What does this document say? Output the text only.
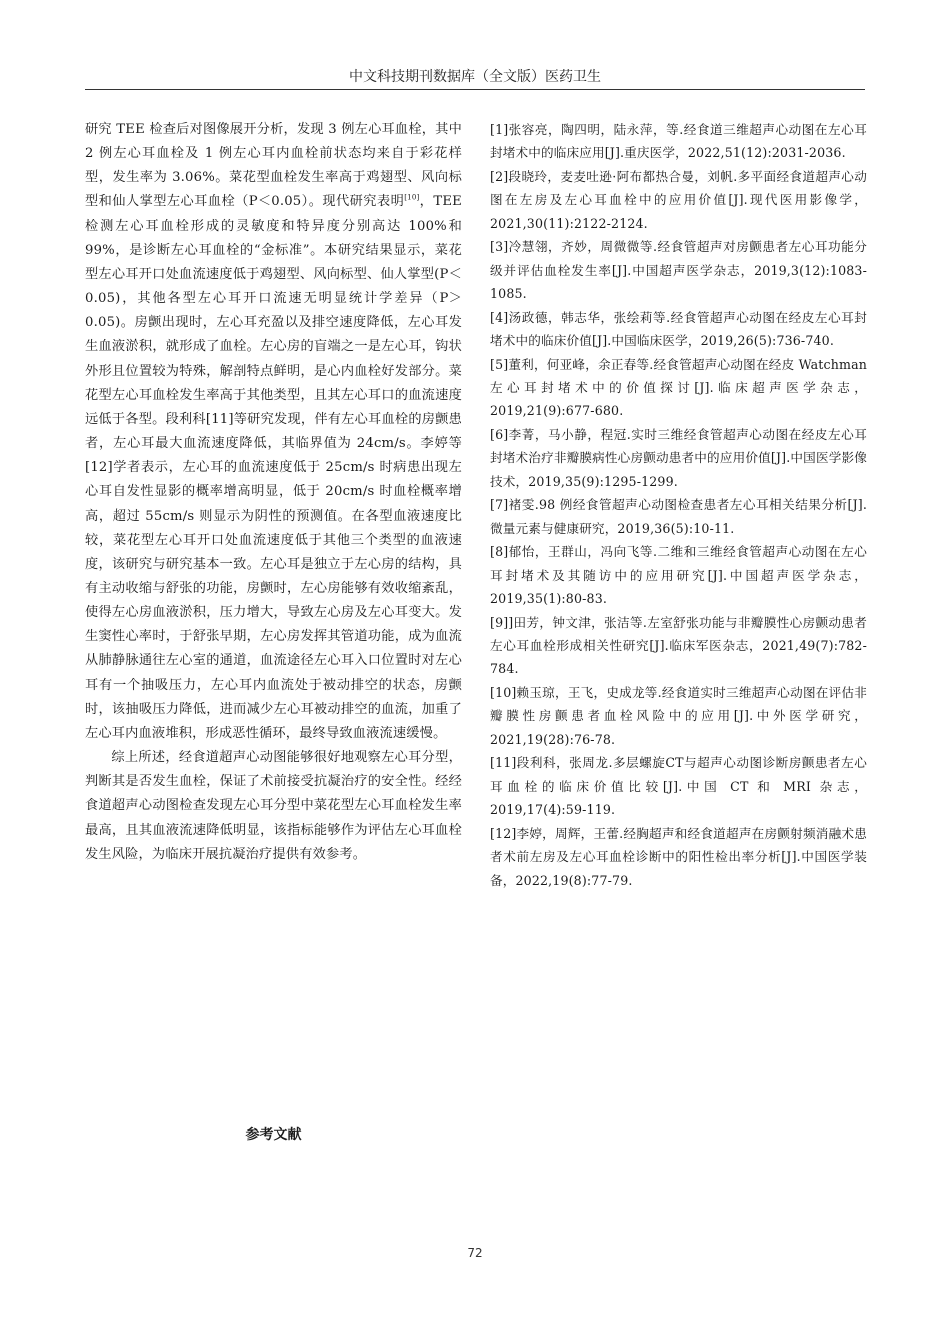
中文科技期刊数据库（全文版）医药卫生

研究 TEE 检查后对图像展开分析，发现 3 例左心耳血栓，其中 2 例左心耳血栓及 1 例左心耳内血栓前状态均来自于彩花样型，发生率为 3.06%。菜花型血栓发生率高于鸡翅型、风向标型和仙人掌型左心耳血栓（P＜0.05）。现代研究表明[10]，TEE 检测左心耳血栓形成的灵敏度和特异度分别高达 100%和 99%，是诊断左心耳血栓的“金标准”。本研究结果显示，菜花型左心耳开口处血流速度低于鸡翅型、风向标型、仙人掌型(P＜0.05)，其他各型左心耳开口流速无明显统计学差异（P＞0.05)。房颤出现时，左心耳充盈以及排空速度降低，左心耳发生血液淤积，就形成了血栓。左心房的盲端之一是左心耳，钩状外形且位置较为特殊，解剖特点鲜明，是心内血栓好发部分。菜花型左心耳血栓发生率高于其他类型，且其左心耳口的血流速度远低于各型。段利科[11]等研究发现，伴有左心耳血栓的房颤患者，左心耳最大血流速度降低，其临界值为 24cm/s。李婷等[12]学者表示，左心耳的血流速度低于 25cm/s 时病患出现左心耳自发性显影的概率增高明显，低于 20cm/s 时血栓概率增高，超过 55cm/s 则显示为阴性的预测值。在各型血液速度比较，菜花型左心耳开口处血流速度低于其他三个类型的血液速度，该研究与研究基本一致。左心耳是独立于左心房的结构，具有主动收缩与舒张的功能，房颤时，左心房能够有效收缩紊乱，使得左心房血液淤积，压力增大，导致左心房及左心耳变大。发生窦性心率时，于舒张早期，左心房发挥其管道功能，成为血流从肺静脉通往左心室的通道，血流途径左心耳入口位置时对左心耳有一个抽吸压力，左心耳内血流处于被动排空的状态，房颤时，该抽吸压力降低，进而减少左心耳被动排空的血流，加重了左心耳内血液堆积，形成恶性循环，最终导致血液流速缓慢。

综上所述，经食道超声心动图能够很好地观察左心耳分型，判断其是否发生血栓，保证了术前接受抗凝治疗的安全性。经经食道超声心动图检查发现左心耳分型中菜花型左心耳血栓发生率最高，且其血液流速降低明显，该指标能够作为评估左心耳血栓发生风险，为临床开展抗凝治疗提供有效参考。

参考文献

[1]张容亮，陶四明，陆永萍，等.经食道三维超声心动图在左心耳封堵术中的临床应用[J].重庆医学，2022,51(12):2031-2036.

[2]段晓玲，麦麦吐逊·阿布都热合曼，刘帆.多平面经食道超声心动图在左房及左心耳血栓中的应用价值[J].现代医用影像学，2021,30(11):2122-2124.

[3]冷慧翎，齐妙，周微微等.经食管超声对房颤患者左心耳功能分级并评估血栓发生率[J].中国超声医学杂志，2019,3(12):1083-1085.

[4]汤政德，韩志华，张绘莉等.经食管超声心动图在经皮左心耳封堵术中的临床价值[J].中国临床医学，2019,26(5):736-740.

[5]董利，何亚峰，余正春等.经食管超声心动图在经皮 Watchman 左心耳封堵术中的价值探讨[J].临床超声医学杂志，2019,21(9):677-680.

[6]李菁，马小静，程冠.实时三维经食管超声心动图在经皮左心耳封堵术治疗非瓣膜病性心房颤动患者中的应用价值[J].中国医学影像技术，2019,35(9):1295-1299.

[7]褚雯.98 例经食管超声心动图检查患者左心耳相关结果分析[J].微量元素与健康研究，2019,36(5):10-11.

[8]郁怡，王群山，冯向飞等.二维和三维经食管超声心动图在左心耳封堵术及其随访中的应用研究[J].中国超声医学杂志，2019,35(1):80-83.

[9]]田芳，钟文津，张洁等.左室舒张功能与非瓣膜性心房颤动患者左心耳血栓形成相关性研究[J].临床军医杂志，2021,49(7):782-784.

[10]赖玉琼，王飞，史成龙等.经食道实时三维超声心动图在评估非瓣膜性房颤患者血栓风险中的应用[J].中外医学研究，2021,19(28):76-78.

[11]段利科，张周龙.多层螺旋CT与超声心动图诊断房颤患者左心耳血栓的临床价值比较[J].中国 CT 和 MRI 杂志，2019,17(4):59-119.

[12]李婷，周辉，王蕾.经胸超声和经食道超声在房颤射频消融术患者术前左房及左心耳血栓诊断中的阳性检出率分析[J].中国医学装备，2022,19(8):77-79.

72
